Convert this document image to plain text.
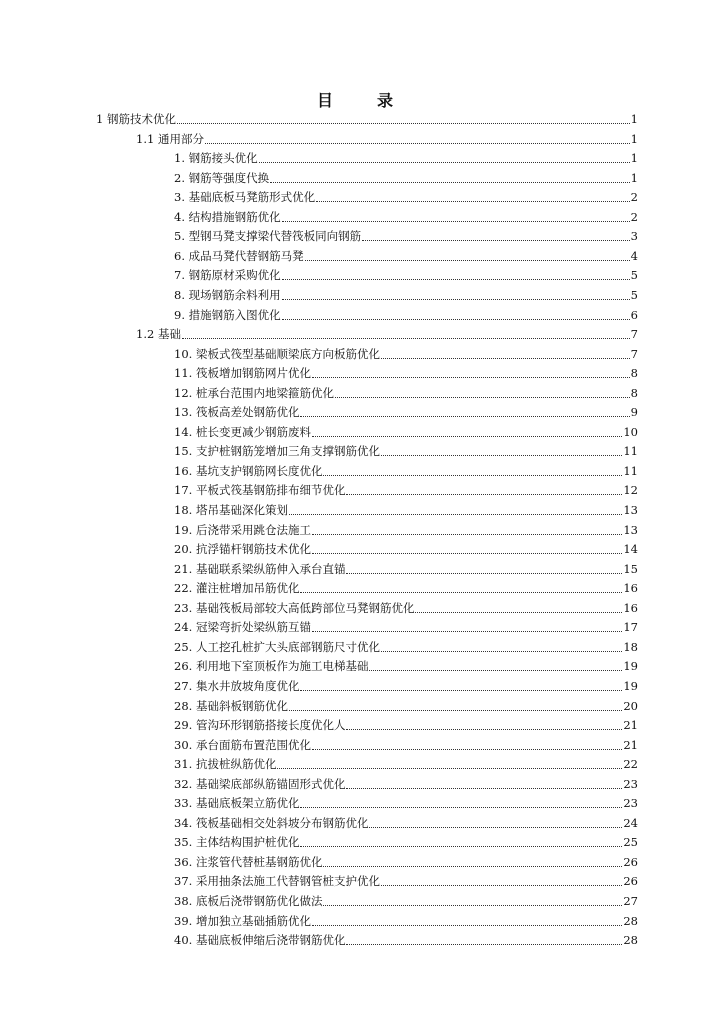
目　录
1 钢筋技术优化	1
1.1 通用部分	1
1. 钢筋接头优化	1
2. 钢筋等强度代换	1
3. 基础底板马凳筋形式优化	2
4. 结构措施钢筋优化	2
5. 型钢马凳支撑梁代替筏板同向钢筋	3
6. 成品马凳代替钢筋马凳	4
7. 钢筋原材采购优化	5
8. 现场钢筋余料利用	5
9. 措施钢筋入图优化	6
1.2 基础	7
10. 梁板式筏型基础顺梁底方向板筋优化	7
11. 筏板增加钢筋网片优化	8
12. 桩承台范围内地梁箍筋优化	8
13. 筏板高差处钢筋优化	9
14. 桩长变更减少钢筋废料	10
15. 支护桩钢筋笼增加三角支撑钢筋优化	11
16. 基坑支护钢筋网长度优化	11
17. 平板式筏基钢筋排布细节优化	12
18. 塔吊基础深化策划	13
19. 后浇带采用跳仓法施工	13
20. 抗浮锚杆钢筋技术优化	14
21. 基础联系梁纵筋伸入承台直锚	15
22. 灌注桩增加吊筋优化	16
23. 基础筏板局部较大高低跨部位马凳钢筋优化	16
24. 冠梁弯折处梁纵筋互锚	17
25. 人工挖孔桩扩大头底部钢筋尺寸优化	18
26. 利用地下室顶板作为施工电梯基础	19
27. 集水井放坡角度优化	19
28. 基础斜板钢筋优化	20
29. 管沟环形钢筋搭接长度优化人	21
30. 承台面筋布置范围优化	21
31. 抗拔桩纵筋优化	22
32. 基础梁底部纵筋锚固形式优化	23
33. 基础底板架立筋优化	23
34. 筏板基础相交处斜坡分布钢筋优化	24
35. 主体结构围护桩优化	25
36. 注浆管代替桩基钢筋优化	26
37. 采用抽条法施工代替钢管桩支护优化	26
38. 底板后浇带钢筋优化做法	27
39. 增加独立基础插筋优化	28
40. 基础底板伸缩后浇带钢筋优化	28
